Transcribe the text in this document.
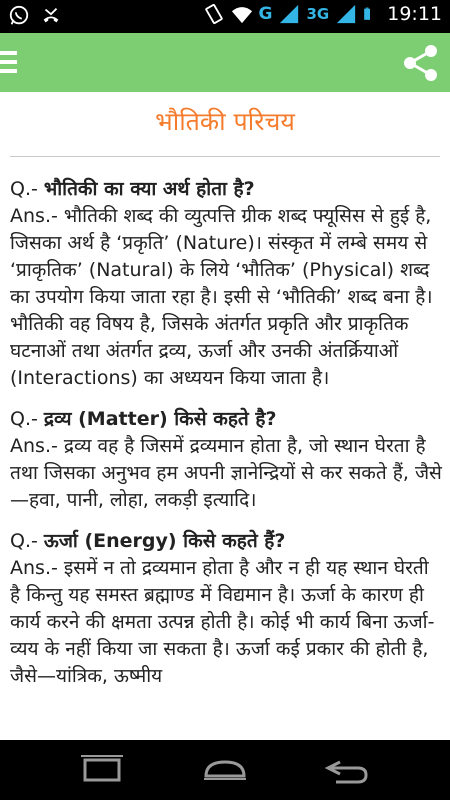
G 3G	19:11
भौतिकी परिचय
Q.- भौतिकी का क्या अर्थ होता है?
Ans.- भौतिकी शब्द की व्युत्पत्ति ग्रीक शब्द फ्यूसिस से हुई है, जिसका अर्थ है ‘प्रकृति’ (Nature)। संस्कृत में लम्बे समय से ‘प्राकृतिक’ (Natural) के लिये ‘भौतिक’ (Physical) शब्द का उपयोग किया जाता रहा है। इसी से ‘भौतिकी’ शब्द बना है। भौतिकी वह विषय है, जिसके अंतर्गत प्रकृति और प्राकृतिक घटनाओं तथा अंतर्गत द्रव्य, ऊर्जा और उनकी अंतर्क्रियाओं (Interactions) का अध्ययन किया जाता है।
Q.- द्रव्य (Matter) किसे कहते है?
Ans.- द्रव्य वह है जिसमें द्रव्यमान होता है, जो स्थान घेरता है तथा जिसका अनुभव हम अपनी ज्ञानेन्द्रियों से कर सकते हैं, जैसे—हवा, पानी, लोहा, लकड़ी इत्यादि।
Q.- ऊर्जा (Energy) किसे कहते हैं?
Ans.- इसमें न तो द्रव्यमान होता है और न ही यह स्थान घेरती है किन्तु यह समस्त ब्रह्माण्ड में विद्यमान है। ऊर्जा के कारण ही कार्य करने की क्षमता उत्पन्न होती है। कोई भी कार्य बिना ऊर्जा-व्यय के नहीं किया जा सकता है। ऊर्जा कई प्रकार की होती है, जैसे—यांत्रिक, ऊष्मीय
